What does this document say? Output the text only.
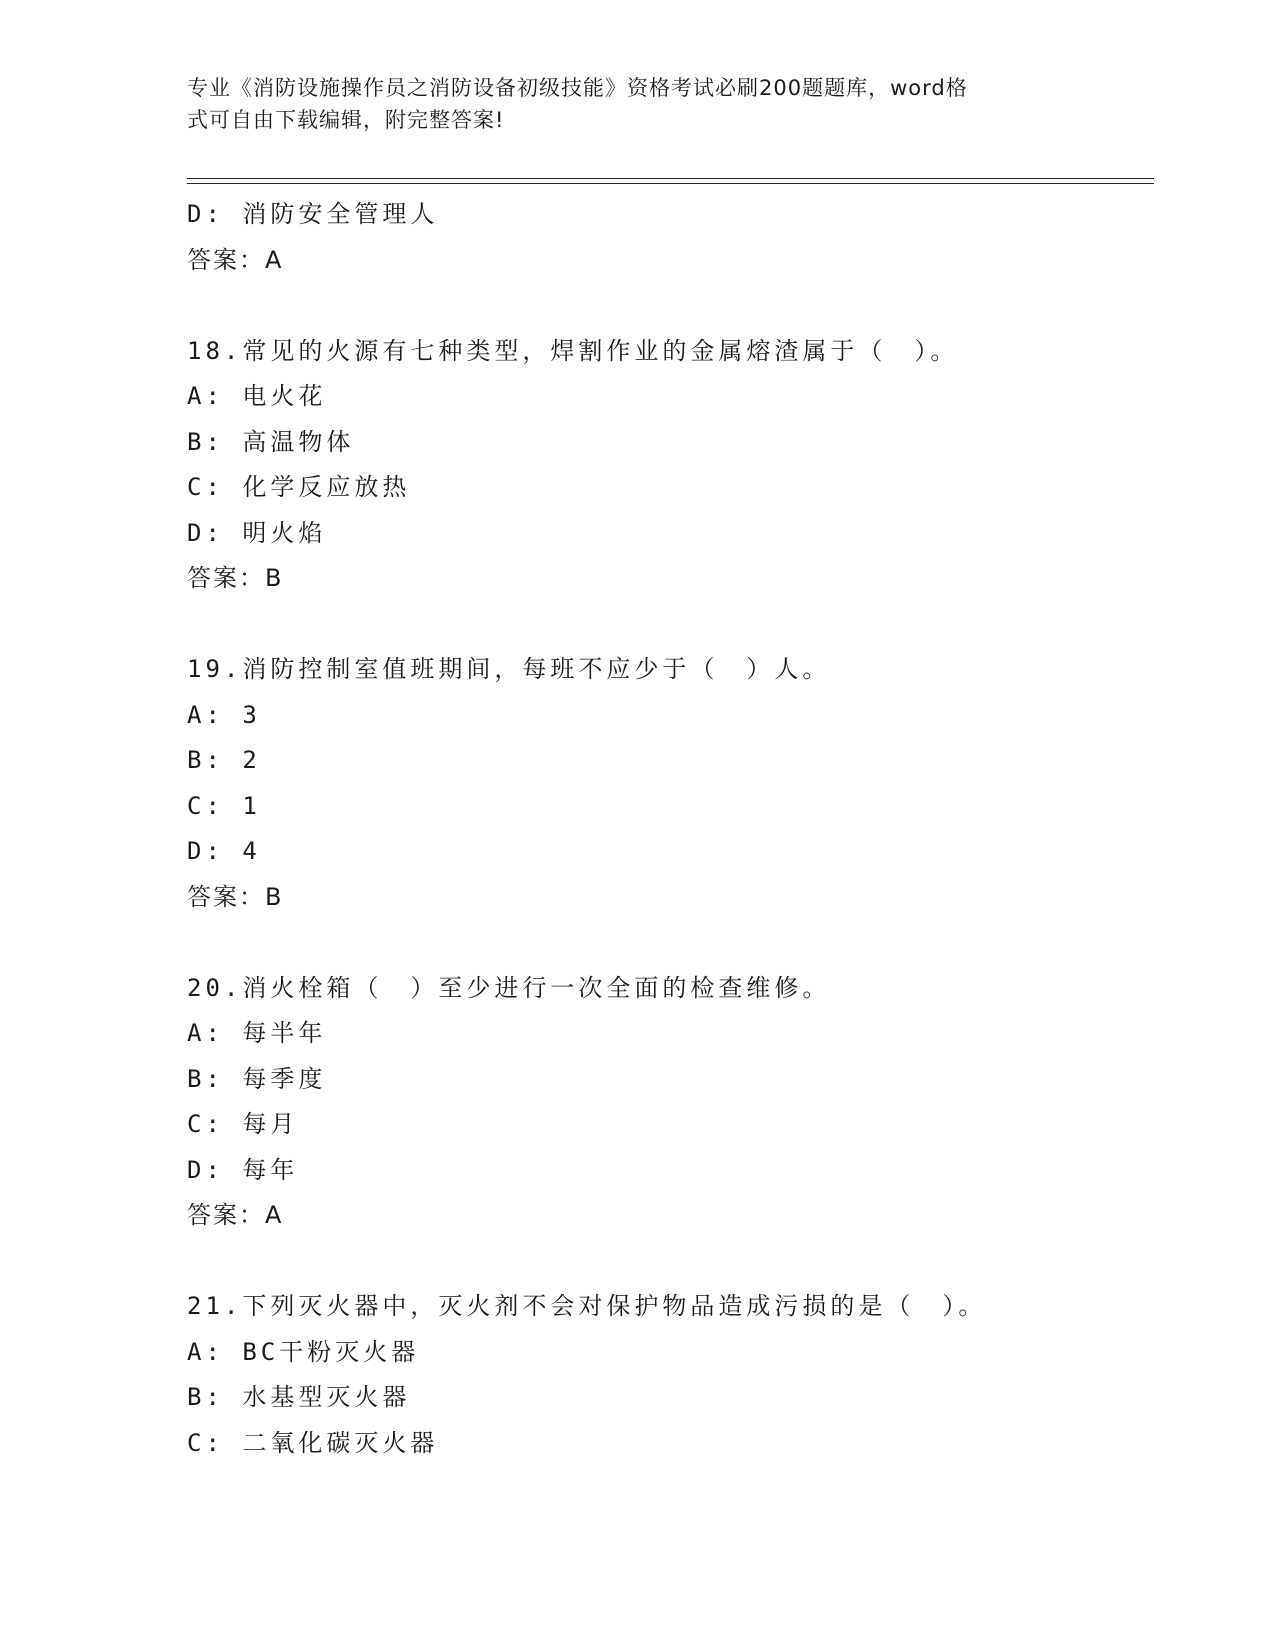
专业《消防设施操作员之消防设备初级技能》资格考试必刷200题题库，word格
式可自由下载编辑，附完整答案!
D: 消防安全管理人
答案：A
18.常见的火源有七种类型，焊割作业的金属熔渣属于（　）。
A: 电火花
B: 高温物体
C: 化学反应放热
D: 明火焰
答案：B
19.消防控制室值班期间，每班不应少于（　）人。
A: 3
B: 2
C: 1
D: 4
答案：B
20.消火栓箱（　）至少进行一次全面的检查维修。
A: 每半年
B: 每季度
C: 每月
D: 每年
答案：A
21.下列灭火器中，灭火剂不会对保护物品造成污损的是（　）。
A: BC干粉灭火器
B: 水基型灭火器
C: 二氧化碳灭火器
